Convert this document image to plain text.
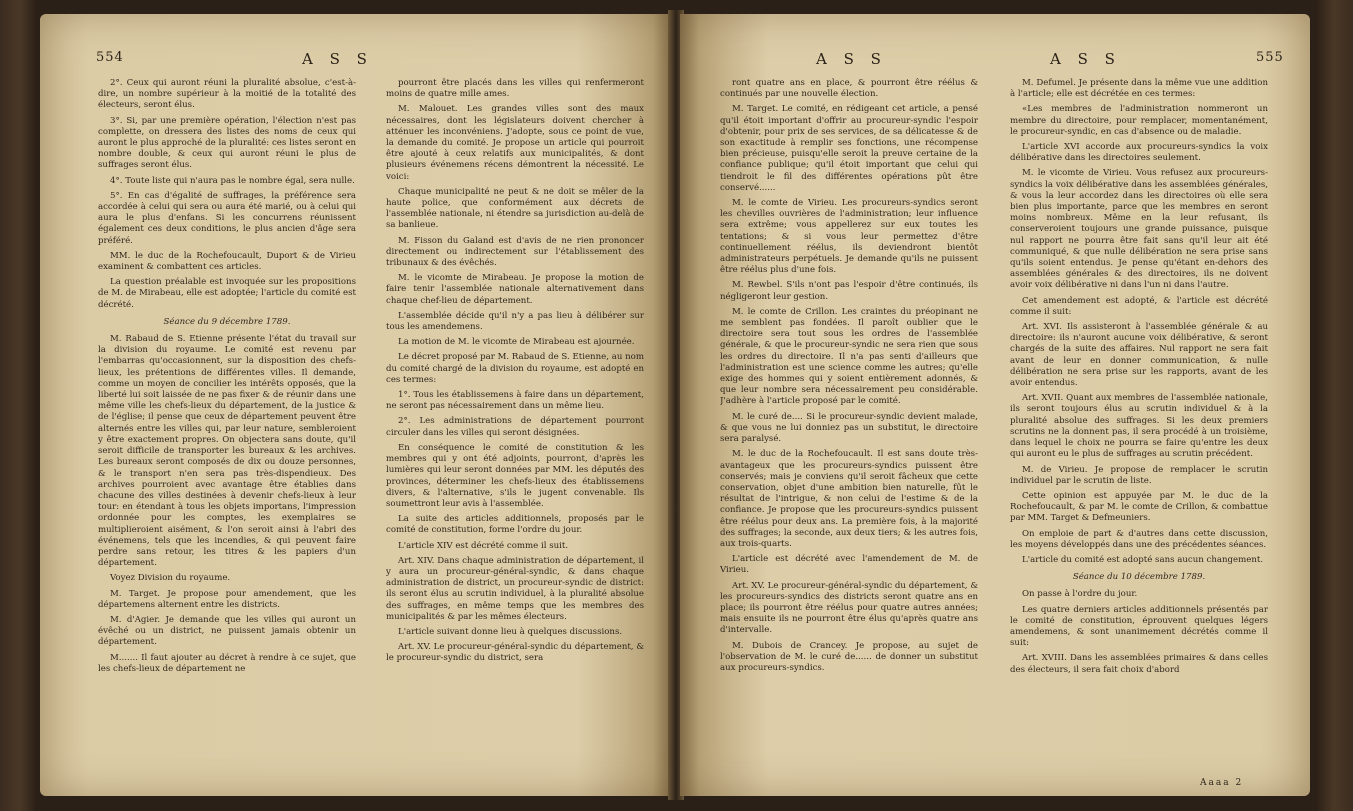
554	A S S

2°. Ceux qui auront réuni la pluralité absolue, c'est-à-dire, un nombre supérieur à la moitié de la totalité des électeurs, seront élus.

3°. Si, par une première opération, l'élection n'est pas complette, on dressera des listes des noms de ceux qui auront le plus approché de la pluralité: ces listes seront en nombre double, & ceux qui auront réuni le plus de suffrages seront élus.

4°. Toute liste qui n'aura pas le nombre égal, sera nulle.

5°. En cas d'égalité de suffrages, la préférence sera accordée à celui qui sera ou aura été marié, ou à celui qui aura le plus d'enfans. Si les concurrens réunissent également ces deux conditions, le plus ancien d'âge sera préféré.

MM. le duc de la Rochefoucault, Duport & de Virieu examinent & combattent ces articles.

La question préalable est invoquée sur les propositions de M. de Mirabeau, elle est adoptée; l'article du comité est décrété.

Séance du 9 décembre 1789.

M. Rabaud de S. Etienne présente l'état du travail sur la division du royaume. Le comité est revenu par l'embarras qu'occasionnent, sur la disposition des chefs-lieux, les prétentions de différentes villes. Il demande, comme un moyen de concilier les intérêts opposés, que la liberté lui soit laissée de ne pas fixer & de réunir dans une même ville les chefs-lieux du département, de la justice & de l'église; il pense que ceux de département peuvent être alternés entre les villes qui, par leur nature, sembleroient y être exactement propres. On objectera sans doute, qu'il seroit difficile de transporter les bureaux & les archives. Les bureaux seront composés de dix ou douze personnes, & le transport n'en sera pas très-dispendieux. Des archives pourroient avec avantage être établies dans chacune des villes destinées à devenir chefs-lieux à leur tour: en étendant à tous les objets importans, l'impression ordonnée pour les comptes, les exemplaires se multiplieroient aisément, & l'on seroit ainsi à l'abri des événemens, tels que les incendies, & qui peuvent faire perdre sans retour, les titres & les papiers d'un département.

Voyez Division du royaume.

M. Target. Je propose pour amendement, que les départemens alternent entre les districts.

M. d'Agier. Je demande que les villes qui auront un évêché ou un district, ne puissent jamais obtenir un département.

M....... Il faut ajouter au décret à rendre à ce sujet, que les chefs-lieux de département ne

pourront être placés dans les villes qui renfermeront moins de quatre mille ames.

M. Malouet. Les grandes villes sont des maux nécessaires, dont les législateurs doivent chercher à atténuer les inconvéniens. J'adopte, sous ce point de vue, la demande du comité. Je propose un article qui pourroit être ajouté à ceux relatifs aux municipalités, & dont plusieurs événemens récens démontrent la nécessité. Le voici:

Chaque municipalité ne peut & ne doit se mêler de la haute police, que conformément aux décrets de l'assemblée nationale, ni étendre sa jurisdiction au-delà de sa banlieue.

M. Fisson du Galand est d'avis de ne rien prononcer directement ou indirectement sur l'établissement des tribunaux & des évêchés.

M. le vicomte de Mirabeau. Je propose la motion de faire tenir l'assemblée nationale alternativement dans chaque chef-lieu de département.

L'assemblée décide qu'il n'y a pas lieu à délibérer sur tous les amendemens.

La motion de M. le vicomte de Mirabeau est ajournée.

Le décret proposé par M. Rabaud de S. Etienne, au nom du comité chargé de la division du royaume, est adopté en ces termes:

1°. Tous les établissemens à faire dans un département, ne seront pas nécessairement dans un même lieu.

2°. Les administrations de département pourront circuler dans les villes qui seront désignées.

En conséquence le comité de constitution & les membres qui y ont été adjoints, pourront, d'après les lumières qui leur seront données par MM. les députés des provinces, déterminer les chefs-lieux des établissemens divers, & l'alternative, s'ils le jugent convenable. Ils soumettront leur avis à l'assemblée.

La suite des articles additionnels, proposés par le comité de constitution, forme l'ordre du jour.

L'article XIV est décrété comme il suit.

Art. XIV. Dans chaque administration de département, il y aura un procureur-général-syndic, & dans chaque administration de district, un procureur-syndic de district: ils seront élus au scrutin individuel, à la pluralité absolue des suffrages, en même temps que les membres des municipalités & par les mêmes électeurs.

L'article suivant donne lieu à quelques discussions.

Art. XV. Le procureur-général-syndic du département, & le procureur-syndic du district, sera

A S S	A S S	555

ront quatre ans en place, & pourront être réélus & continués par une nouvelle élection.

M. Target. Le comité, en rédigeant cet article, a pensé qu'il étoit important d'offrir au procureur-syndic l'espoir d'obtenir, pour prix de ses services, de sa délicatesse & de son exactitude à remplir ses fonctions, une récompense bien précieuse, puisqu'elle seroit la preuve certaine de la confiance publique; qu'il étoit important que celui qui tiendroit le fil des différentes opérations pût être conservé......

M. le comte de Virieu. Les procureurs-syndics seront les chevilles ouvrières de l'administration; leur influence sera extrême; vous appellerez sur eux toutes les tentations; & si vous leur permettez d'être continuellement réélus, ils deviendront bientôt administrateurs perpétuels. Je demande qu'ils ne puissent être réélus plus d'une fois.

M. Rewbel. S'ils n'ont pas l'espoir d'être continués, ils négligeront leur gestion.

M. le comte de Crillon. Les craintes du préopinant ne me semblent pas fondées. Il paroît oublier que le directoire sera tout sous les ordres de l'assemblée générale, & que le procureur-syndic ne sera rien que sous les ordres du directoire. Il n'a pas senti d'ailleurs que l'administration est une science comme les autres; qu'elle exige des hommes qui y soient entièrement adonnés, & que leur nombre sera nécessairement peu considérable. J'adhère à l'article proposé par le comité.

M. le curé de.... Si le procureur-syndic devient malade, & que vous ne lui donniez pas un substitut, le directoire sera paralysé.

M. le duc de la Rochefoucault. Il est sans doute très-avantageux que les procureurs-syndics puissent être conservés; mais je conviens qu'il seroit fâcheux que cette conservation, objet d'une ambition bien naturelle, fût le résultat de l'intrigue, & non celui de l'estime & de la confiance. Je propose que les procureurs-syndics puissent être réélus pour deux ans. La première fois, à la majorité des suffrages; la seconde, aux deux tiers; & les autres fois, aux trois-quarts.

L'article est décrété avec l'amendement de M. de Virieu.

Art. XV. Le procureur-général-syndic du département, & les procureurs-syndics des districts seront quatre ans en place; ils pourront être réélus pour quatre autres années; mais ensuite ils ne pourront être élus qu'après quatre ans d'intervalle.

M. Dubois de Crancey. Je propose, au sujet de l'observation de M. le curé de...... de donner un substitut aux procureurs-syndics.

M. Defumel. Je présente dans la même vue une addition à l'article; elle est décrétée en ces termes:

«Les membres de l'administration nommeront un membre du directoire, pour remplacer, momentanément, le procureur-syndic, en cas d'absence ou de maladie.

L'article XVI accorde aux procureurs-syndics la voix délibérative dans les directoires seulement.

M. le vicomte de Virieu. Vous refusez aux procureurs-syndics la voix délibérative dans les assemblées générales, & vous la leur accordez dans les directoires où elle sera bien plus importante, parce que les membres en seront moins nombreux. Même en la leur refusant, ils conserveroient toujours une grande puissance, puisque nul rapport ne pourra être fait sans qu'il leur ait été communiqué, & que nulle délibération ne sera prise sans qu'ils soient entendus. Je pense qu'étant en-dehors des assemblées générales & des directoires, ils ne doivent avoir voix délibérative ni dans l'un ni dans l'autre.

Cet amendement est adopté, & l'article est décrété comme il suit:

Art. XVI. Ils assisteront à l'assemblée générale & au directoire: ils n'auront aucune voix délibérative, & seront chargés de la suite des affaires. Nul rapport ne sera fait avant de leur en donner communication, & nulle délibération ne sera prise sur les rapports, avant de les avoir entendus.

Art. XVII. Quant aux membres de l'assemblée nationale, ils seront toujours élus au scrutin individuel & à la pluralité absolue des suffrages. Si les deux premiers scrutins ne la donnent pas, il sera procédé à un troisième, dans lequel le choix ne pourra se faire qu'entre les deux qui auront eu le plus de suffrages au scrutin précédent.

M. de Virieu. Je propose de remplacer le scrutin individuel par le scrutin de liste.

Cette opinion est appuyée par M. le duc de la Rochefoucault, & par M. le comte de Crillon, & combattue par MM. Target & Defmeuniers.

On emploie de part & d'autres dans cette discussion, les moyens développés dans une des précédentes séances.

L'article du comité est adopté sans aucun changement.

Séance du 10 décembre 1789.

On passe à l'ordre du jour.

Les quatre derniers articles additionnels présentés par le comité de constitution, éprouvent quelques légers amendemens, & sont unanimement décrétés comme il suit:

Art. XVIII. Dans les assemblées primaires & dans celles des électeurs, il sera fait choix d'abord

Aaaa 2
